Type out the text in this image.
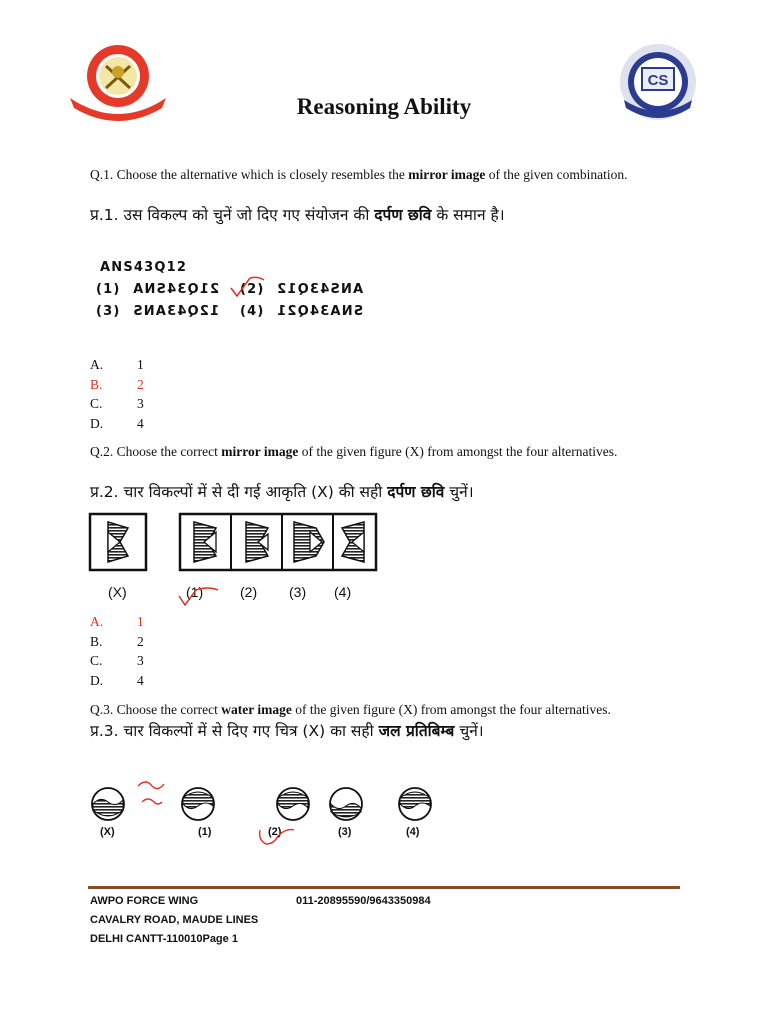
CS
Reasoning Ability
Q.1. Choose the alternative which is closely resembles the mirror image of the given combination.
प्र.1. उस विकल्प को चुनें जो दिए गए संयोजन की दर्पण छवि के समान है।
ANS43Q12
(1) 21Q34SNA (2) ANS43Q12
(3) 12Q43ANS (4) SNA34Q21
A.	1
B.	2
C.	3
D.	4
Q.2. Choose the correct mirror image of the given figure (X) from amongst the four alternatives.
प्र.2. चार विकल्पों में से दी गई आकृति (X) की सही दर्पण छवि चुनें।
(X)	(1)	(2) (3) (4)
A.	1
B.	2
C.	3
D.	4
Q.3. Choose the correct water image of the given figure (X) from amongst the four alternatives.
प्र.3. चार विकल्पों में से दिए गए चित्र (X) का सही जल प्रतिबिम्ब चुनें।
(X)	(1)	(2)	(3)	(4)
AWPO FORCE WING
CAVALRY ROAD, MAUDE LINES
DELHI CANTT-110010Page 1
011-20895590/9643350984
